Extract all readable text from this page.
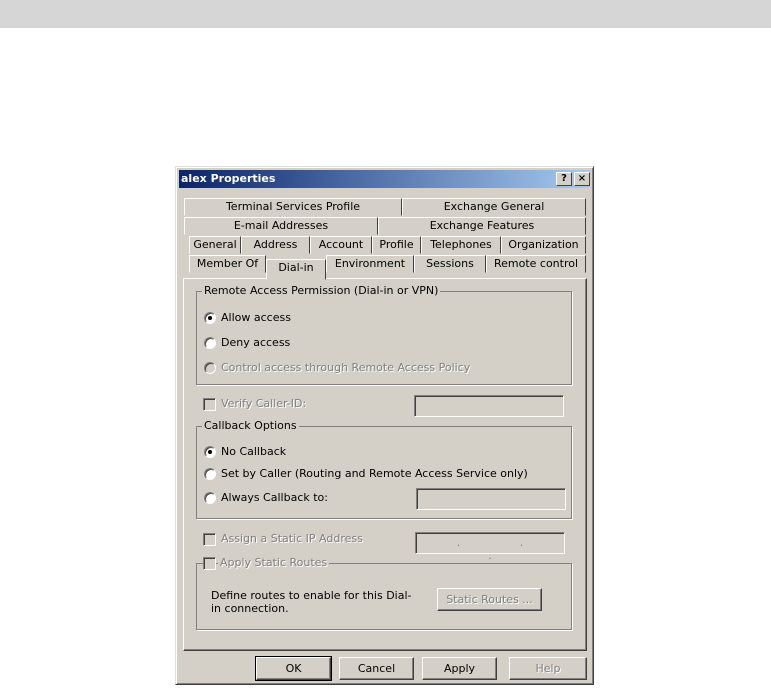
alex Properties	?	×
Terminal Services Profile	Exchange General
E-mail Addresses	Exchange Features
General	Address	Account	Profile	Telephones	Organization
Member Of	Dial-in	Environment	Sessions	Remote control
Remote Access Permission (Dial-in or VPN)
Allow access
Deny access
Control access through Remote Access Policy
Verify Caller-ID:
Callback Options
No Callback
Set by Caller (Routing and Remote Access Service only)
Always Callback to:
Assign a Static IP Address	. . .
Apply Static Routes
Define routes to enable for this Dial-in connection.
Static Routes ...
OK	Cancel	Apply	Help
